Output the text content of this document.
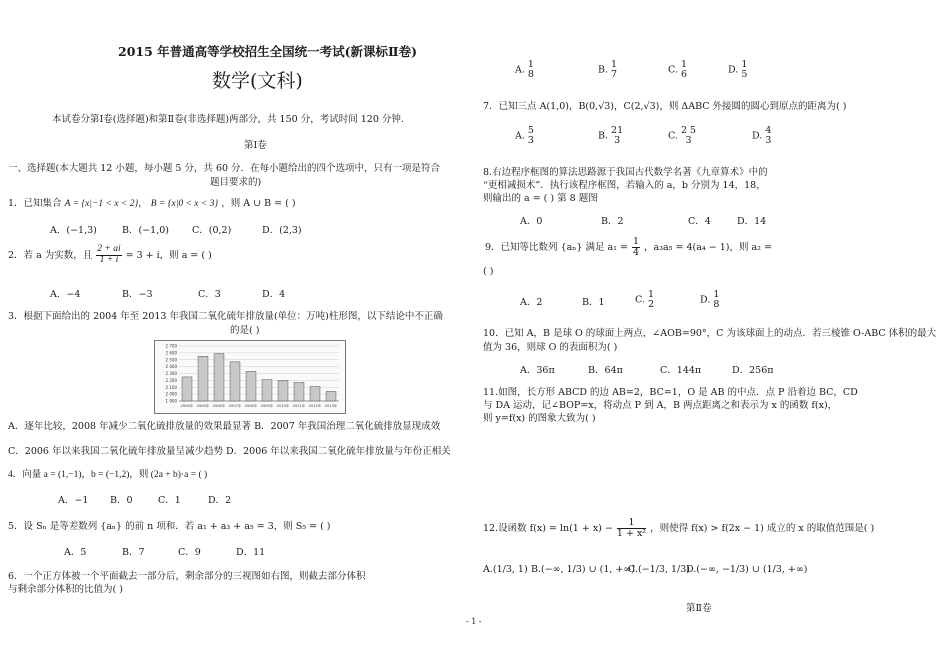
2015 年普通高等学校招生全国统一考试(新课标Ⅱ卷)
数学(文科)
本试卷分第Ⅰ卷(选择题)和第Ⅱ卷(非选择题)两部分，共 150 分，考试时间 120 分钟．
第Ⅰ卷
一、选择题(本大题共 12 小题，每小题 5 分，共 60 分．在每小题给出的四个选项中，只有一项是符合
题目要求的)
1．已知集合 A = {x|−1 < x < 2}， B = {x|0 < x < 3} ，则 A ∪ B = ( )
A．(−1,3)	B．(−1,0) C．(0,2)	D．(2,3)
2．若 a 为实数，且 $\frac{2 + ai}{1 + i} = 3 + i$，则 a = ( )
A．−4	B．−3	C．3	D．4
3．根据下面给出的 2004 年至 2013 年我国二氧化硫年排放量(单位：万吨)柱形图，以下结论中不正确
的是( )
2 700
2 600
2 500
2 400
2 300
2 200
2 100
2 000
1 900
2004年 2005年 2006年 2007年 2008年 2009年 2010年 2011年 2012年 2013年
A．逐年比较，2008 年减少二氧化硫排放量的效果最显著 B．2007 年我国治理二氧化硫排放显现成效
C．2006 年以来我国二氧化硫年排放量呈减少趋势 D．2006 年以来我国二氧化硫年排放量与年份正相关
4．向量 a = (1,−1)，b = (−1,2)，则 (2a + b)·a = ( )
A．−1 B．0	C．1	D．2
5．设 Sₙ 是等差数列 {aₙ} 的前 n 项和．若 a₁ + a₃ + a₅ = 3，则 S₅ = ( )
A．5	B．7	C．9	D．11
6．一个正方体被一个平面截去一部分后，剩余部分的三视图如右图，则截去部分体积
与剩余部分体积的比值为( )
A. 1
8	B. 1
7	C. 1
6	D. 1
5
7．已知三点 A(1,0)，B(0,√3)，C(2,√3)，则 ΔABC 外接圆的圆心到原点的距离为( )
A. 5
3	B. 21
3	C. 2 5
3	D. 4
3
8.右边程序框图的算法思路源于我国古代数学名著《九章算术》中的
“更相减损术”．执行该程序框图，若输入的 a，b 分别为 14，18，
则输出的 a = ( ) 第 8 题图
A．0	B．2	C．4	D．14
9．已知等比数列 {aₙ} 满足 $a_1 = \frac{1}{4}$ ，a₃a₅ = 4(a₄ − 1)，则 a₂ =
( )
A．2	B．1	C. 1
2	D. 1
8
10．已知 A，B 是球 O 的球面上两点，∠AOB=90°，C 为该球面上的动点．若三棱锥 O-ABC 体积的最大
值为 36，则球 O 的表面积为( )
A．36π	B．64π	C．144π	D．256π
11.如图，长方形 ABCD 的边 AB=2，BC=1，O 是 AB 的中点．点 P 沿着边 BC，CD
与 DA 运动，记∠BOP=x，将动点 P 到 A，B 两点距离之和表示为 x 的函数 f(x)，
则 y=f(x) 的图象大致为( )
12.设函数 $f(x) = \ln(1 + x) - \frac{1}{\text{1 + x²}}$ ，则使得 f(x) > f(2x − 1) 成立的 x 的取值范围是( )
A.(1/3, 1) B.(−∞, 1/3) ∪ (1, +∞)
C.(−1/3, 1/3)
D.(−∞, −1/3) ∪ (1/3, +∞)
第Ⅱ卷
- 1 -
